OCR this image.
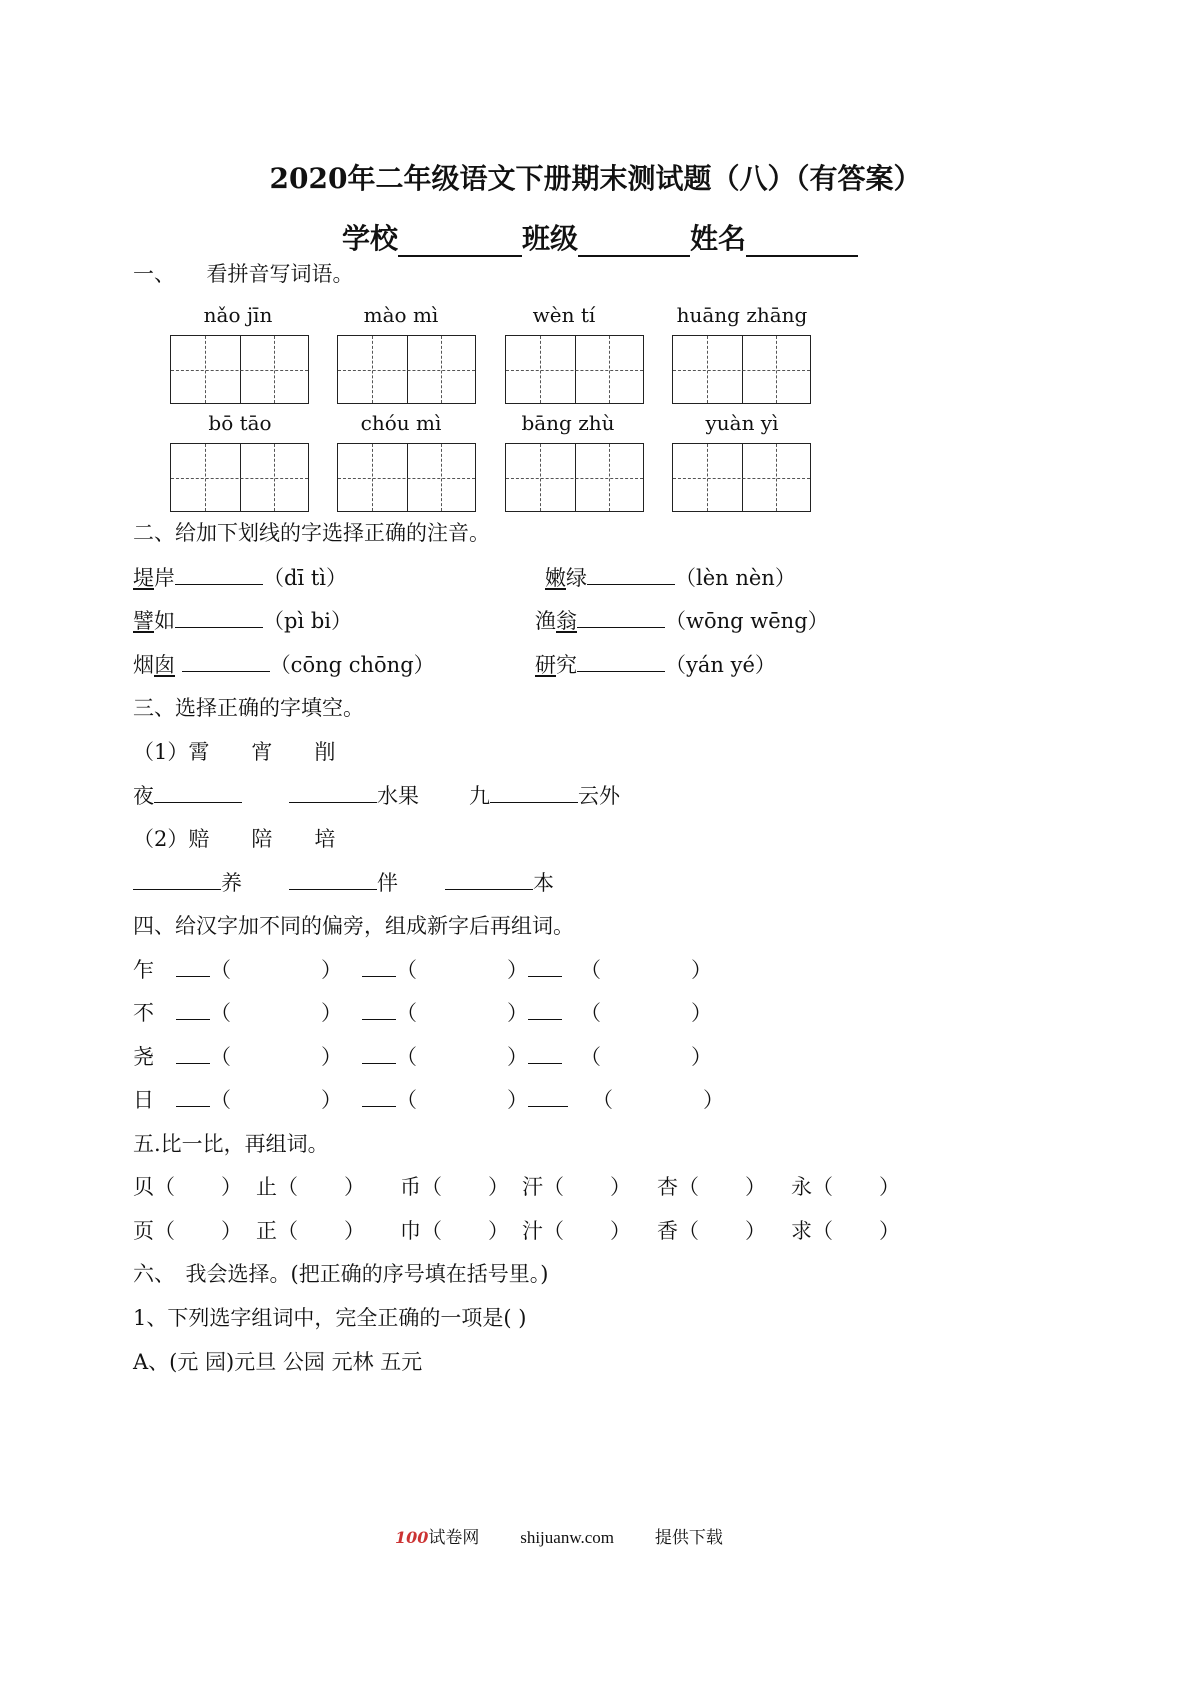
2020年二年级语文下册期末测试题（八）（有答案）
学校	班级	姓名
一、　　看拼音写词语。
nǎo jīn	mào mì	wèn tí	huāng zhāng
bō tāo	chóu mì	bāng zhù	yuàn yì
二、给加下划线的字选择正确的注音。
堤岸	（dī tì）	嫩绿	（lèn nèn）
譬如	（pì bi）	渔翁	（wōng wēng）
烟囱	（cōng chōng）	研究	（yán yé）
三、选择正确的字填空。
（1）霄　　宵　　削
夜	水果 九	云外
（2）赔　　陪　　培
养	伴	本
四、给汉字加不同的偏旁，组成新字后再组词。
乍	（	）	（	） （	）
不	（	）	（	） （	）
尧	（	）	（	） （	）
日	（	）	（	）	（	）
五.比一比，再组词。
贝（ ） 止（ ） 币（ ） 汗（ ） 杏（ ） 永（ ）
页（ ） 正（ ） 巾（ ） 汁（ ） 香（ ） 求（ ）
六、　我会选择。(把正确的序号填在括号里。)
1、下列选字组词中，完全正确的一项是( )
A、(元 园)元旦 公园 元林 五元
100试卷网 shijuanw.com 提供下载
